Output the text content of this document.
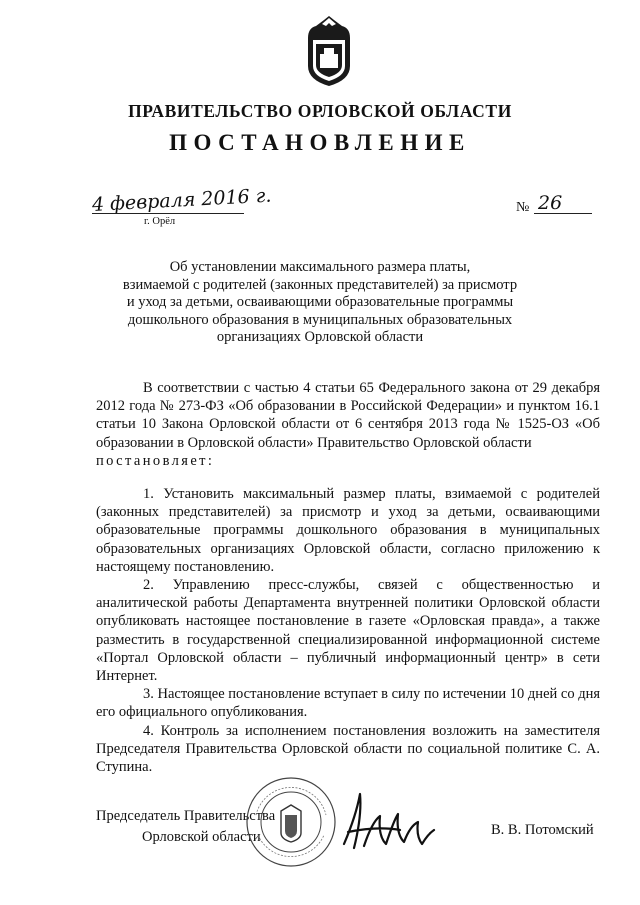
ПРАВИТЕЛЬСТВО ОРЛОВСКОЙ ОБЛАСТИ
ПОСТАНОВЛЕНИЕ
4 февраля 2016 г.
г. Орёл
№ 26
Об установлении максимального размера платы,
взимаемой с родителей (законных представителей) за присмотр
и уход за детьми, осваивающими образовательные программы
дошкольного образования в муниципальных образовательных
организациях Орловской области

В соответствии с частью 4 статьи 65 Федерального закона от 29 декабря 2012 года № 273-ФЗ «Об образовании в Российской Федерации» и пунктом 16.1 статьи 10 Закона Орловской области от 6 сентября 2013 года № 1525-ОЗ «Об образовании в Орловской области» Правительство Орловской области

постановляет:

1. Установить максимальный размер платы, взимаемой с родителей (законных представителей) за присмотр и уход за детьми, осваивающими образовательные программы дошкольного образования в муниципальных образовательных организациях Орловской области, согласно приложению к настоящему постановлению.

2. Управлению пресс-службы, связей с общественностью и аналитической работы Департамента внутренней политики Орловской области опубликовать настоящее постановление в газете «Орловская правда», а также разместить в государственной специализированной информационной системе «Портал Орловской области – публичный информационный центр» в сети Интернет.

3. Настоящее постановление вступает в силу по истечении 10 дней со дня его официального опубликования.

4. Контроль за исполнением постановления возложить на заместителя Председателя Правительства Орловской области по социальной политике С. А. Ступина.

Председатель Правительства
Орловской области	.	В. В. Потомский
